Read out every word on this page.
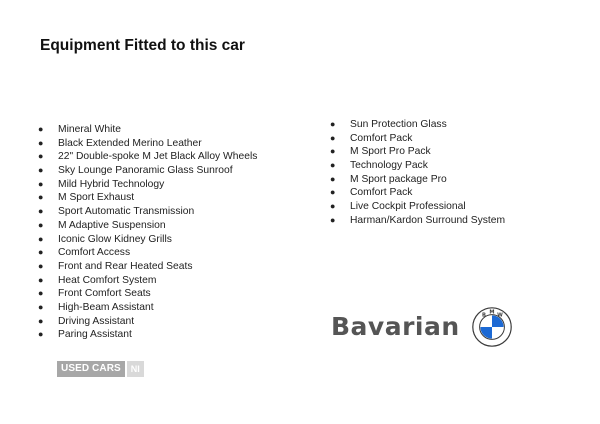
Equipment Fitted to this car
● Mineral White
● Black Extended Merino Leather
● 22" Double-spoke M Jet Black Alloy Wheels
● Sky Lounge Panoramic Glass Sunroof
● Mild Hybrid Technology
● M Sport Exhaust
● Sport Automatic Transmission
● M Adaptive Suspension
● Iconic Glow Kidney Grills
● Comfort Access
● Front and Rear Heated Seats
● Heat Comfort System
● Front Comfort Seats
● High-Beam Assistant
● Driving Assistant
● Paring Assistant
● Sun Protection Glass
● Comfort Pack
● M Sport Pro Pack
● Technology Pack
● M Sport package Pro
● Comfort Pack
● Live Cockpit Professional
● Harman/Kardon Surround System
USED CARS	NI
Bavarian B
M
W
